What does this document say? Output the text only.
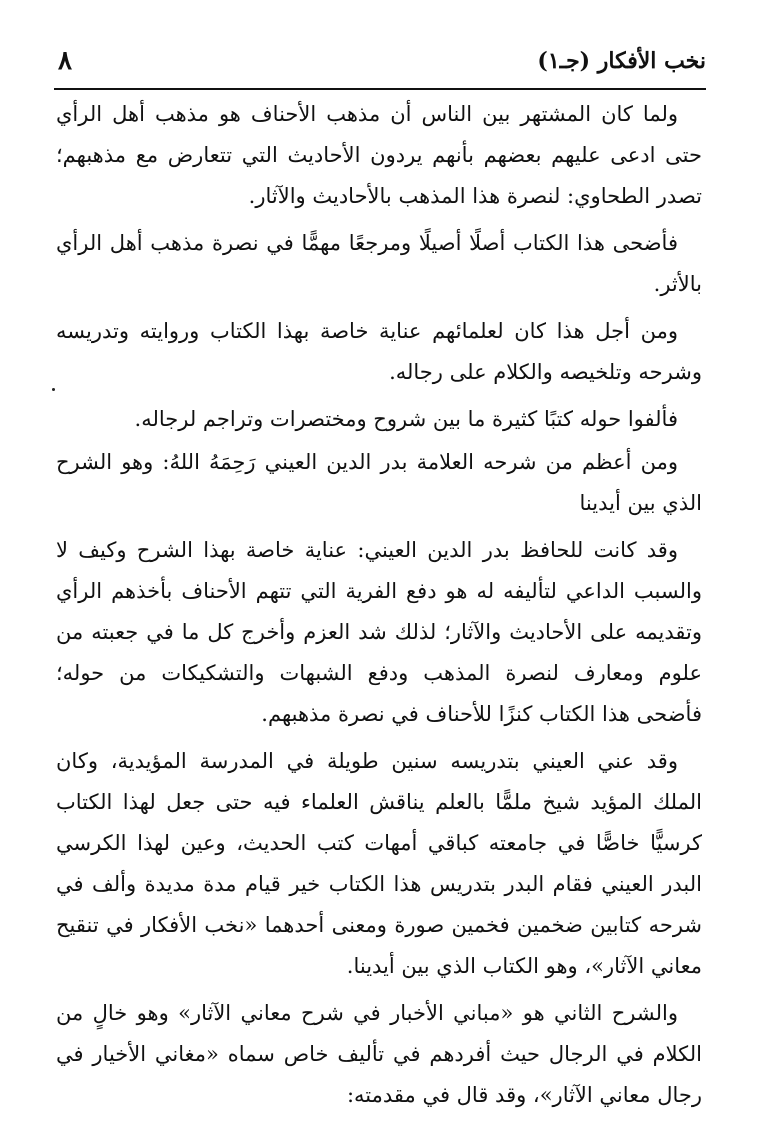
نخب الأفكار (جـ١)
٨

ولما كان المشتهر بين الناس أن مذهب الأحناف هو مذهب أهل الرأي حتى ادعى عليهم بعضهم بأنهم يردون الأحاديث التي تتعارض مع مذهبهم؛ تصدر الطحاوي: لنصرة هذا المذهب بالأحاديث والآثار.

فأضحى هذا الكتاب أصلًا أصيلًا ومرجعًا مهمًّا في نصرة مذهب أهل الرأي بالأثر.

ومن أجل هذا كان لعلمائهم عناية خاصة بهذا الكتاب وروايته وتدريسه وشرحه وتلخيصه والكلام على رجاله.

فألفوا حوله كتبًا كثيرة ما بين شروح ومختصرات وتراجم لرجاله.

ومن أعظم من شرحه العلامة بدر الدين العيني رَحِمَهُ اللهُ: وهو الشرح الذي بين أيدينا

وقد كانت للحافظ بدر الدين العيني: عناية خاصة بهذا الشرح وكيف لا والسبب الداعي لتأليفه له هو دفع الفرية التي تتهم الأحناف بأخذهم الرأي وتقديمه على الأحاديث والآثار؛ لذلك شد العزم وأخرج كل ما في جعبته من علوم ومعارف لنصرة المذهب ودفع الشبهات والتشكيكات من حوله؛ فأضحى هذا الكتاب كنزًا للأحناف في نصرة مذهبهم.

وقد عني العيني بتدريسه سنين طويلة في المدرسة المؤيدية، وكان الملك المؤيد شيخ ملمًّا بالعلم يناقش العلماء فيه حتى جعل لهذا الكتاب كرسيًّا خاصًّا في جامعته كباقي أمهات كتب الحديث، وعين لهذا الكرسي البدر العيني فقام البدر بتدريس هذا الكتاب خير قيام مدة مديدة وألف في شرحه كتابين ضخمين فخمين صورة ومعنى أحدهما «نخب الأفكار في تنقيح معاني الآثار»، وهو الكتاب الذي بين أيدينا.

والشرح الثاني هو «مباني الأخبار في شرح معاني الآثار» وهو خالٍ من الكلام في الرجال حيث أفردهم في تأليف خاص سماه «مغاني الأخيار في رجال معاني الآثار»، وقد قال في مقدمته:
